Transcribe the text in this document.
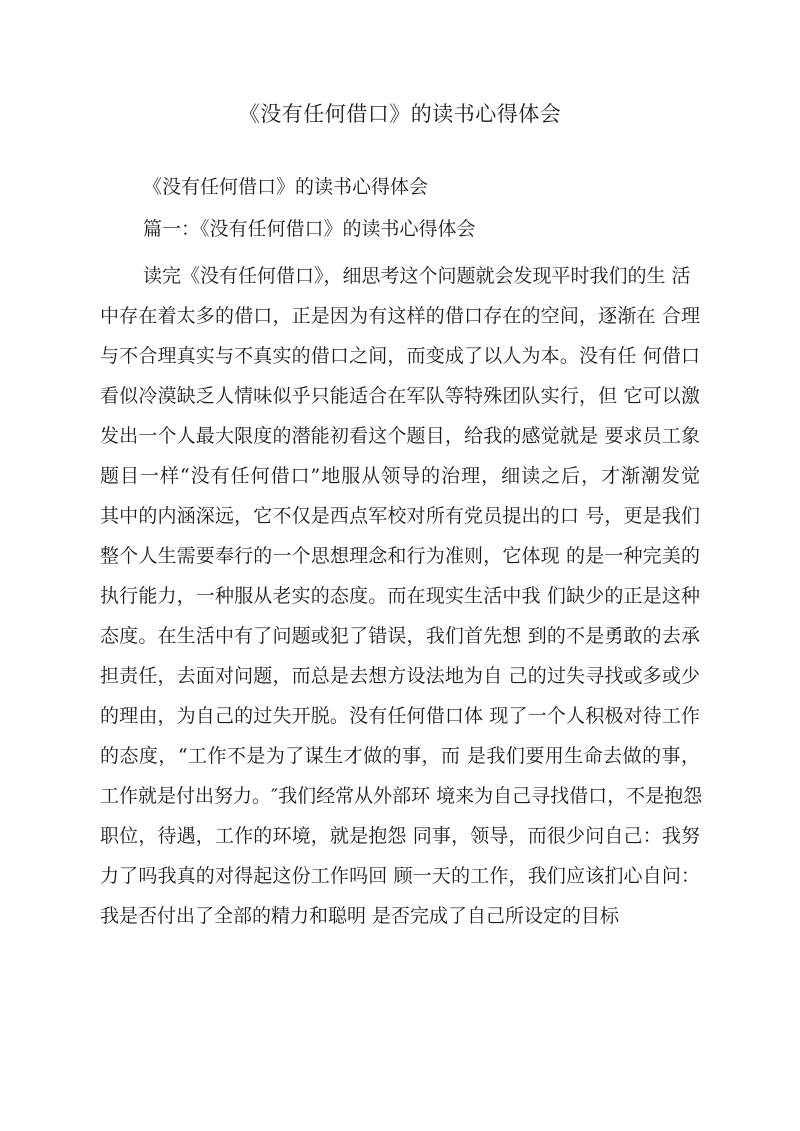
《没有任何借口》的读书心得体会
《没有任何借口》的读书心得体会
篇一：《没有任何借口》的读书心得体会
读完《没有任何借口》，细思考这个问题就会发现平时我们的生 活
中存在着太多的借口，正是因为有这样的借口存在的空间，逐渐在 合理
与不合理真实与不真实的借口之间，而变成了以人为本。没有任 何借口
看似冷漠缺乏人情味似乎只能适合在军队等特殊团队实行，但 它可以激
发出一个人最大限度的潜能初看这个题目，给我的感觉就是 要求员工象
题目一样“没有任何借口”地服从领导的治理，细读之后，才渐潮发觉
其中的内涵深远，它不仅是西点军校对所有党员提出的口 号，更是我们
整个人生需要奉行的一个思想理念和行为准则，它体现 的是一种完美的
执行能力，一种服从老实的态度。而在现实生活中我 们缺少的正是这种
态度。在生活中有了问题或犯了错误，我们首先想 到的不是勇敢的去承
担责任，去面对问题，而总是去想方设法地为自 己的过失寻找或多或少
的理由，为自己的过失开脱。没有任何借口体 现了一个人积极对待工作
的态度，“工作不是为了谋生才做的事，而 是我们要用生命去做的事，
工作就是付出努力。″我们经常从外部环 境来为自己寻找借口，不是抱怨
职位，待遇，工作的环境，就是抱怨 同事，领导，而很少问自己：我努
力了吗我真的对得起这份工作吗回 顾一天的工作，我们应该扪心自问：
我是否付出了全部的精力和聪明 是否完成了自己所设定的目标
